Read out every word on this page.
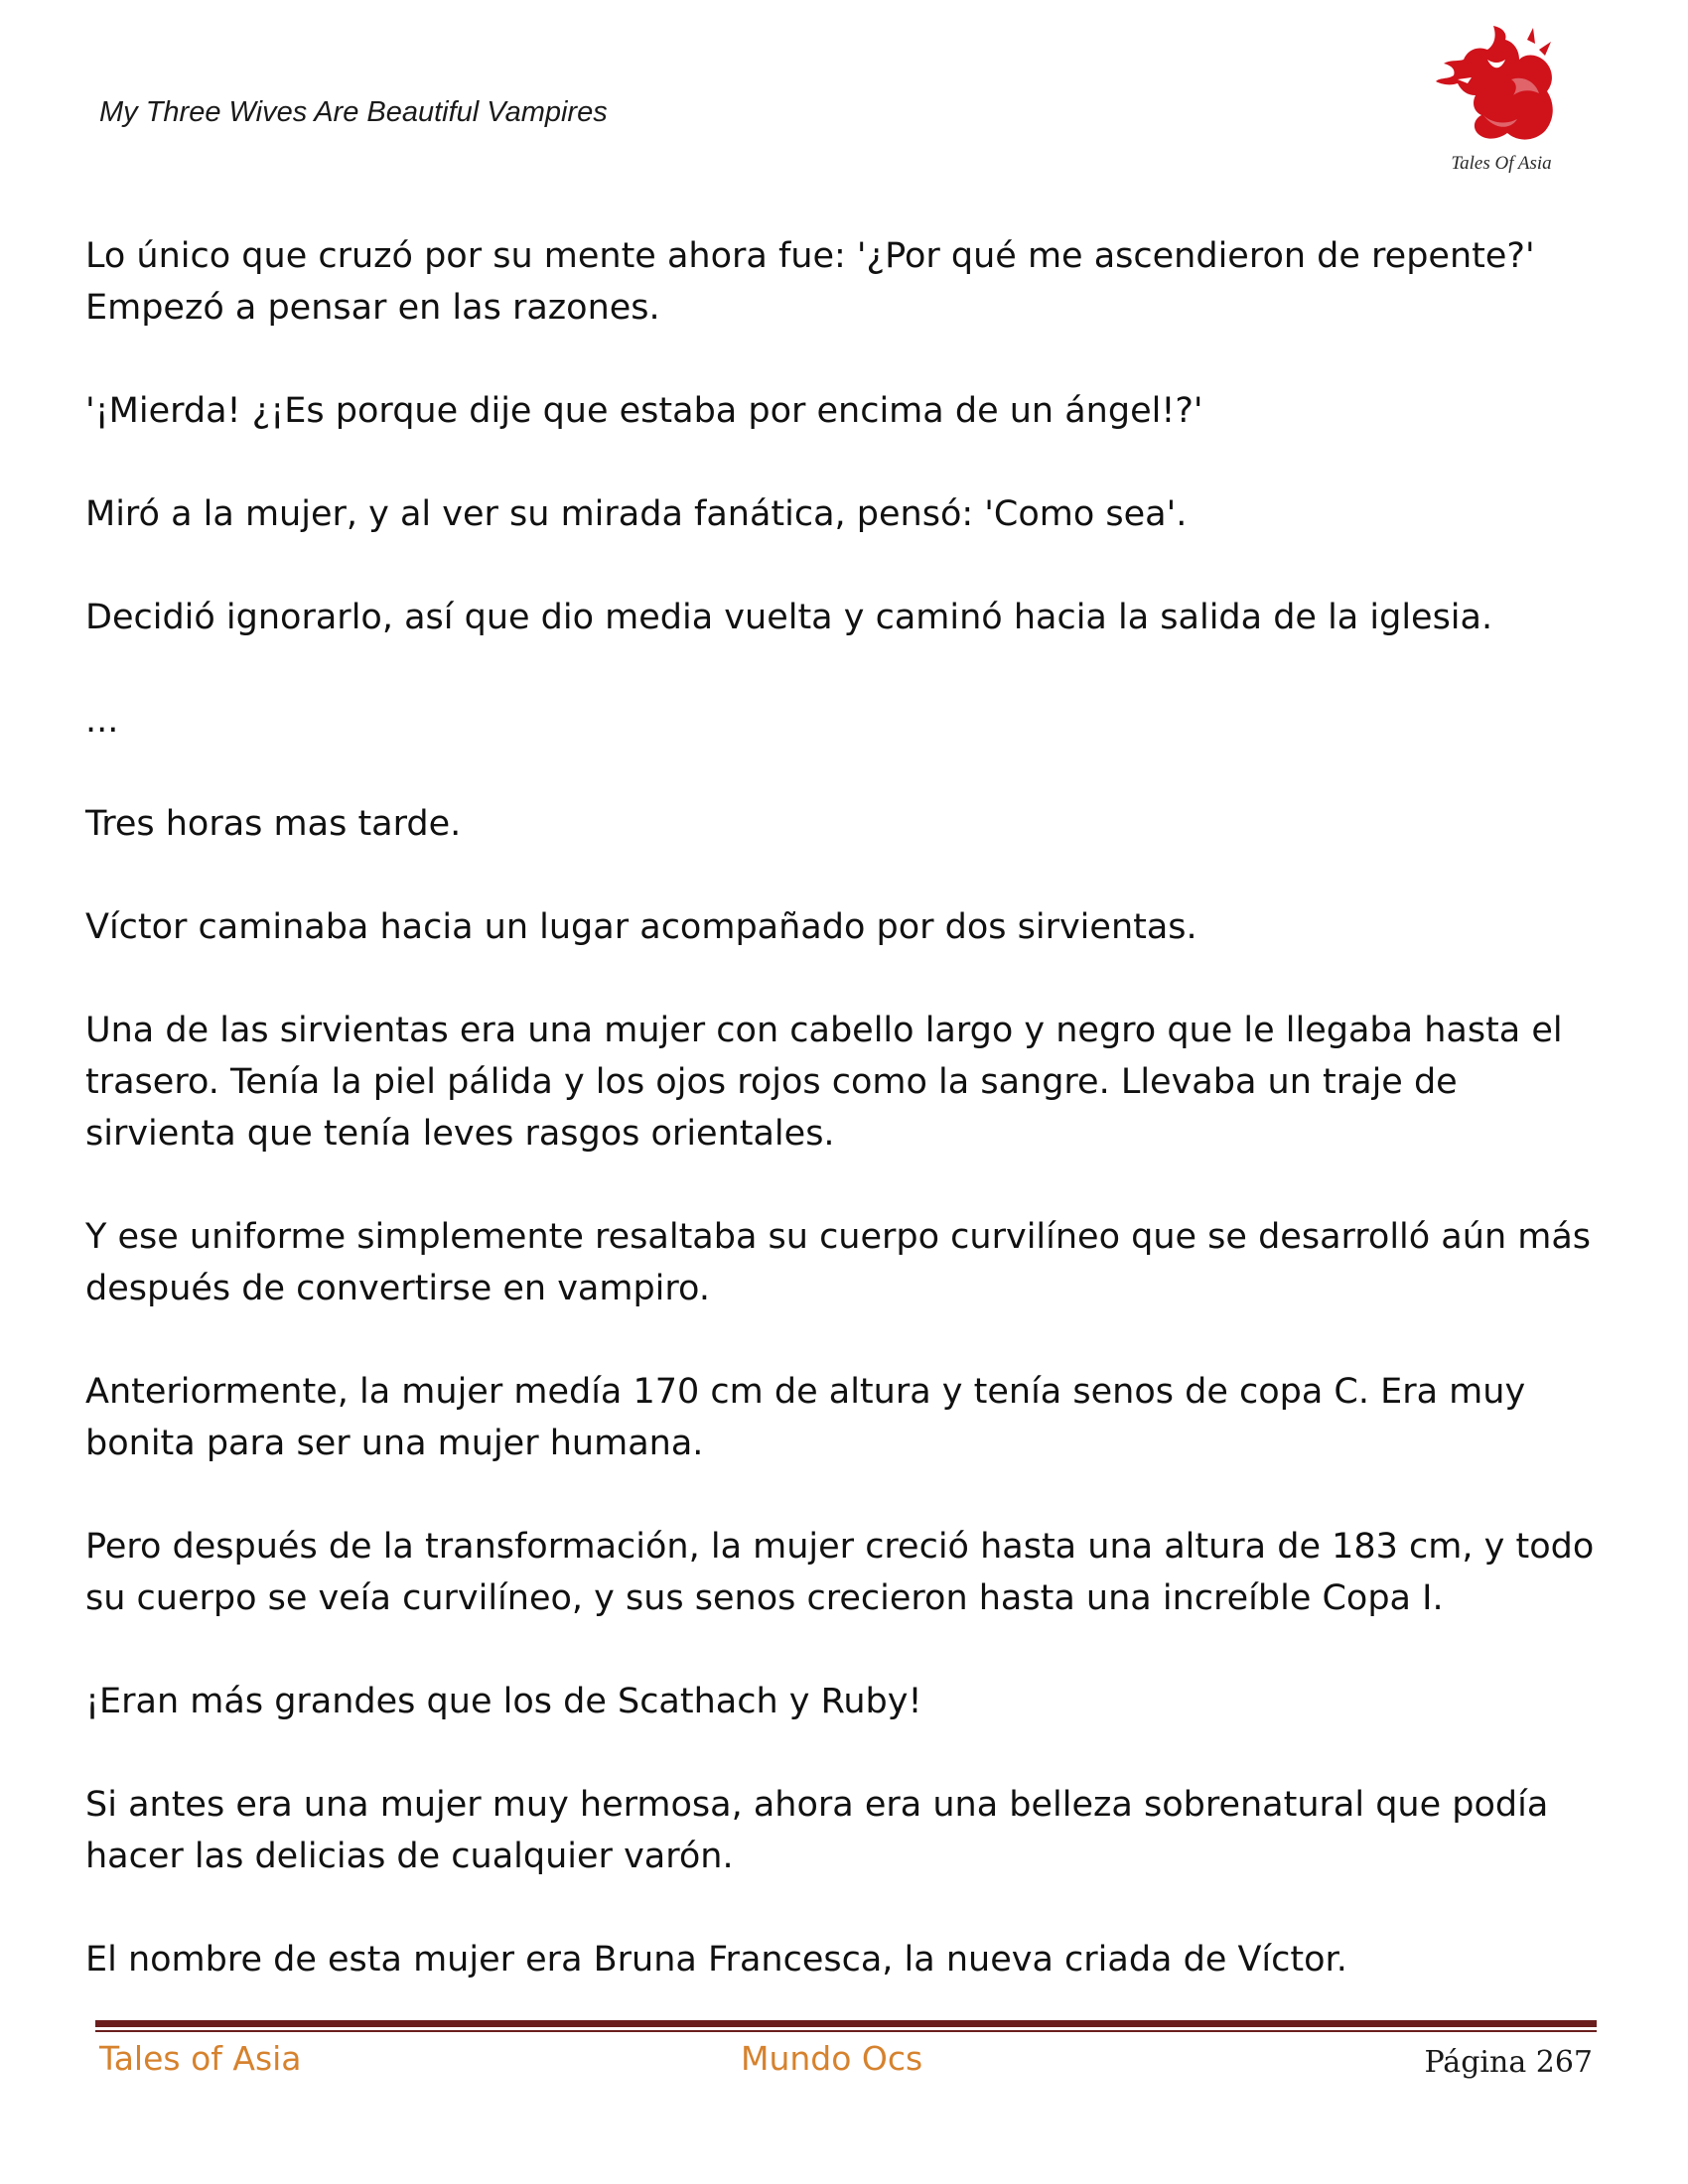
My Three Wives Are Beautiful Vampires
Tales Of Asia

Lo único que cruzó por su mente ahora fue: '¿Por qué me ascendieron de repente?' Empezó a pensar en las razones.

'¡Mierda! ¿¡Es porque dije que estaba por encima de un ángel!?'

Miró a la mujer, y al ver su mirada fanática, pensó: 'Como sea'.

Decidió ignorarlo, así que dio media vuelta y caminó hacia la salida de la iglesia.

...

Tres horas mas tarde.

Víctor caminaba hacia un lugar acompañado por dos sirvientas.

Una de las sirvientas era una mujer con cabello largo y negro que le llegaba hasta el trasero. Tenía la piel pálida y los ojos rojos como la sangre. Llevaba un traje de sirvienta que tenía leves rasgos orientales.

Y ese uniforme simplemente resaltaba su cuerpo curvilíneo que se desarrolló aún más después de convertirse en vampiro.

Anteriormente, la mujer medía 170 cm de altura y tenía senos de copa C. Era muy bonita para ser una mujer humana.

Pero después de la transformación, la mujer creció hasta una altura de 183 cm, y todo su cuerpo se veía curvilíneo, y sus senos crecieron hasta una increíble Copa I.

¡Eran más grandes que los de Scathach y Ruby!

Si antes era una mujer muy hermosa, ahora era una belleza sobrenatural que podía hacer las delicias de cualquier varón.

El nombre de esta mujer era Bruna Francesca, la nueva criada de Víctor.

Tales of Asia	Mundo Ocs	Página 267
